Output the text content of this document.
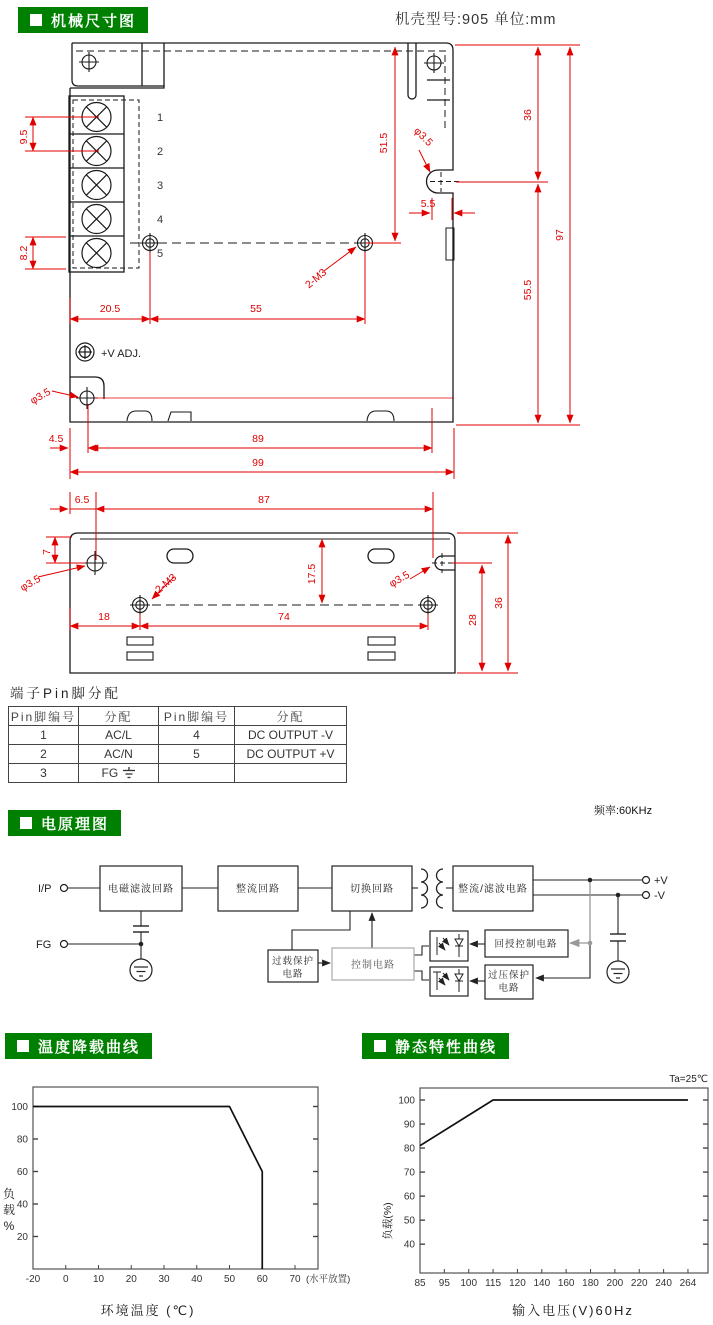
1
2
3
4
5
+V ADJ.
9.5
8.2
51.5 φ3.5
5.5
36
55.5
97
2-M3
20.5	55
φ3.5
4.5	89
99
6.5	87
7
φ3.5	2-M3	17.5	φ3.5
18	74	28
36
I/P
FG
+V
-V
电磁滤波回路	整流回路	切换回路	整流/滤波电路
过载保护
电路
控制电路
回授控制电路
过压保护
电路
100
80
60
40
20
-20 0 10 20 30 40 50 60 70 (水平放置)
环境温度 (℃)
负
载
%
100
90
80
70
60
50
40
85 95 100 115 120 140 160 180 200 220 240 264
输入电压(V)60Hz
负载(%)
Ta=25℃
机械尺寸图	机壳型号:905 单位:mm
端子Pin脚分配
Pin脚编号	分配	Pin脚编号	分配
1	AC/L	4	DC OUTPUT -V
2	AC/N	5	DC OUTPUT +V
3	FG		
电原理图
频率:60KHz
温度降载曲线	静态特性曲线
